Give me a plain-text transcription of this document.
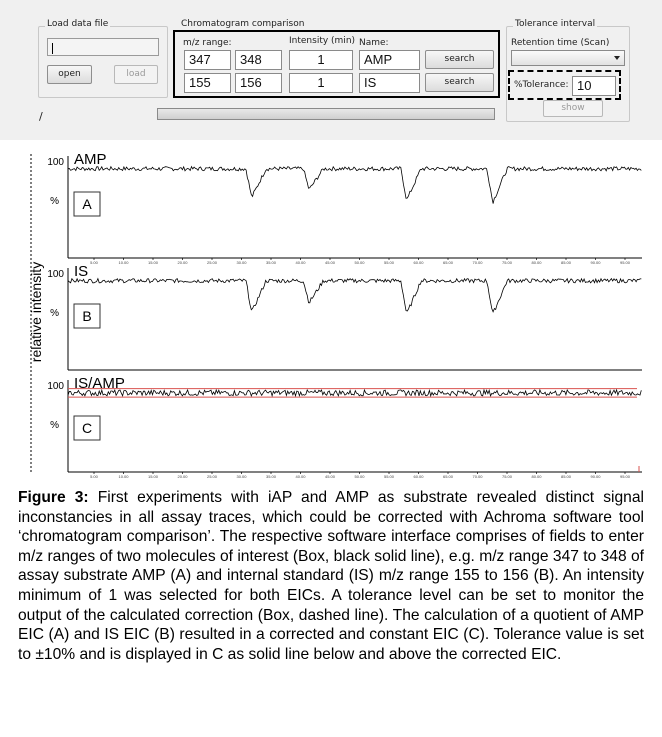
Load data file
open	load
Chromatogram comparison
m/z range:	Intensity (min) Name:
347	348	1	AMP	search
155	156	1	IS	search
Tolerance interval
Retention time (Scan)
%Tolerance: 10
show
/
relative intensity
100
%
AMP
A
5.00	10.00	15.00	20.00	25.00	30.00	35.00	40.00	45.00	50.00	55.00	60.00	65.00	70.00	75.00	80.00	85.00	90.00	95.00
100
%
IS
B
100
%
IS/AMP
C
5.00	10.00	15.00	20.00	25.00	30.00	35.00	40.00	45.00	50.00	55.00	60.00	65.00	70.00	75.00	80.00	85.00	90.00	95.00
Figure 3: First experiments with iAP and AMP as substrate revealed distinct signal inconstancies in all assay traces, which could be corrected with Achroma software tool ‘chromatogram comparison’. The respective software interface comprises of fields to enter m/z ranges of two molecules of interest (Box, black solid line), e.g. m/z range 347 to 348 of assay substrate AMP (A) and internal standard (IS) m/z range 155 to 156 (B). An intensity minimum of 1 was selected for both EICs. A tolerance level can be set to monitor the output of the calculated correction (Box, dashed line). The calculation of a quotient of AMP EIC (A) and IS EIC (B) resulted in a corrected and constant EIC (C). Tolerance value is set to ±10% and is displayed in C as solid line below and above the corrected EIC.
